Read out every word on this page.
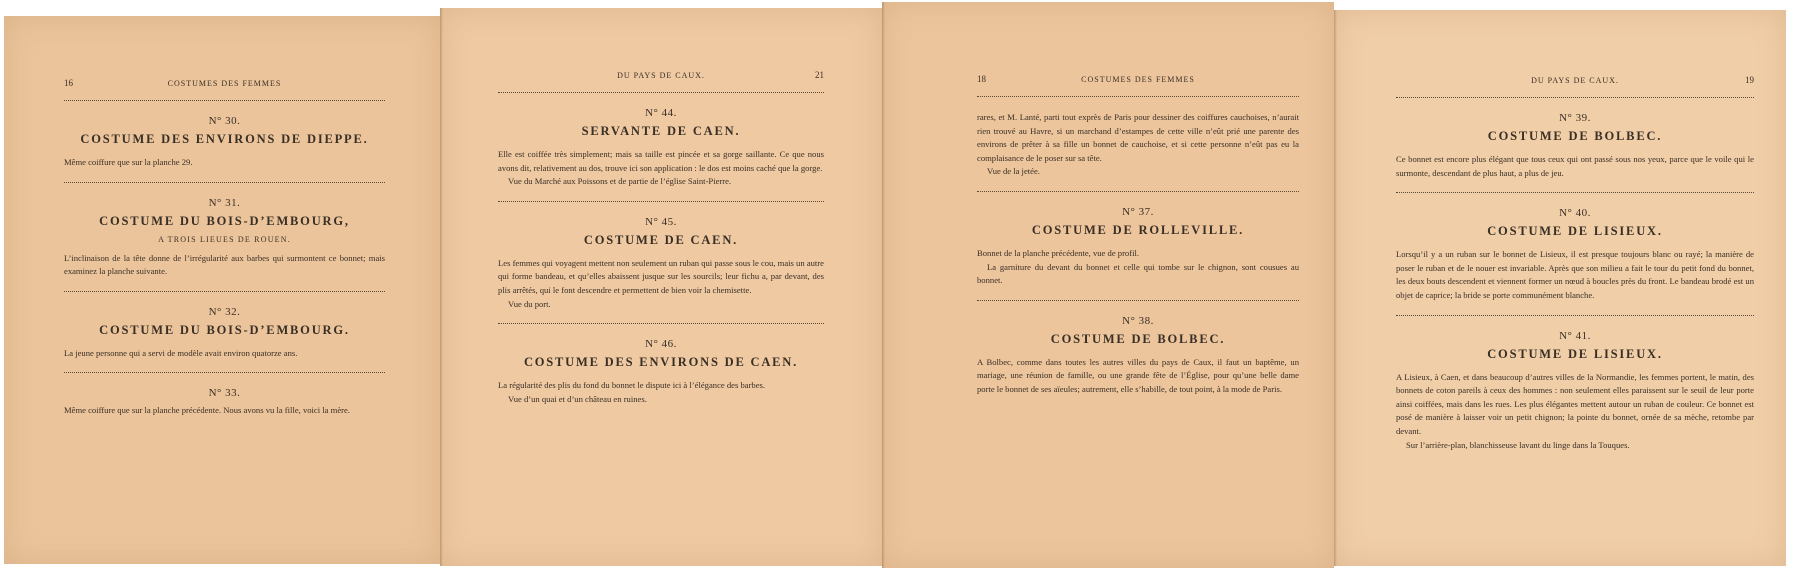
16	COSTUMES DES FEMMES
N° 30.
COSTUME DES ENVIRONS DE DIEPPE.

Même coiffure que sur la planche 29.

N° 31.
COSTUME DU BOIS-D’EMBOURG,
A TROIS LIEUES DE ROUEN.

L’inclinaison de la tête donne de l’irrégularité aux barbes qui surmontent ce bonnet; mais examinez la planche suivante.

N° 32.
COSTUME DU BOIS-D’EMBOURG.

La jeune personne qui a servi de modèle avait environ quatorze ans.

N° 33.

Même coiffure que sur la planche précédente. Nous avons vu la fille, voici la mère.

DU PAYS DE CAUX.	21
N° 44.
SERVANTE DE CAEN.

Elle est coiffée très simplement; mais sa taille est pincée et sa gorge saillante. Ce que nous avons dit, relativement au dos, trouve ici son application : le dos est moins caché que la gorge.

Vue du Marché aux Poissons et de partie de l’église Saint-Pierre.

N° 45.
COSTUME DE CAEN.

Les femmes qui voyagent mettent non seulement un ruban qui passe sous le cou, mais un autre qui forme bandeau, et qu’elles abaissent jusque sur les sourcils; leur fichu a, par devant, des plis arrêtés, qui le font descendre et permettent de bien voir la chemisette.

Vue du port.

N° 46.
COSTUME DES ENVIRONS DE CAEN.

La régularité des plis du fond du bonnet le dispute ici à l’élégance des barbes.

Vue d’un quai et d’un château en ruines.

18	COSTUMES DES FEMMES

rares, et M. Lanté, parti tout exprès de Paris pour dessiner des coiffures cauchoises, n’aurait rien trouvé au Havre, si un marchand d’estampes de cette ville n’eût prié une parente des environs de prêter à sa fille un bonnet de cauchoise, et si cette personne n’eût pas eu la complaisance de le poser sur sa tête.

Vue de la jetée.

N° 37.
COSTUME DE ROLLEVILLE.

Bonnet de la planche précédente, vue de profil.

La garniture du devant du bonnet et celle qui tombe sur le chignon, sont cousues au bonnet.

N° 38.
COSTUME DE BOLBEC.

A Bolbec, comme dans toutes les autres villes du pays de Caux, il faut un baptême, un mariage, une réunion de famille, ou une grande fête de l’Église, pour qu’une belle dame porte le bonnet de ses aïeules; autrement, elle s’habille, de tout point, à la mode de Paris.

DU PAYS DE CAUX.	19
N° 39.
COSTUME DE BOLBEC.

Ce bonnet est encore plus élégant que tous ceux qui ont passé sous nos yeux, parce que le voile qui le surmonte, descendant de plus haut, a plus de jeu.

N° 40.
COSTUME DE LISIEUX.

Lorsqu’il y a un ruban sur le bonnet de Lisieux, il est presque toujours blanc ou rayé; la manière de poser le ruban et de le nouer est invariable. Après que son milieu a fait le tour du petit fond du bonnet, les deux bouts descendent et viennent former un nœud à boucles près du front. Le bandeau brodé est un objet de caprice; la bride se porte communément blanche.

N° 41.
COSTUME DE LISIEUX.

A Lisieux, à Caen, et dans beaucoup d’autres villes de la Normandie, les femmes portent, le matin, des bonnets de coton pareils à ceux des hommes : non seulement elles paraissent sur le seuil de leur porte ainsi coiffées, mais dans les rues. Les plus élégantes mettent autour un ruban de couleur. Ce bonnet est posé de manière à laisser voir un petit chignon; la pointe du bonnet, ornée de sa mèche, retombe par devant.

Sur l’arrière-plan, blanchisseuse lavant du linge dans la Touques.
